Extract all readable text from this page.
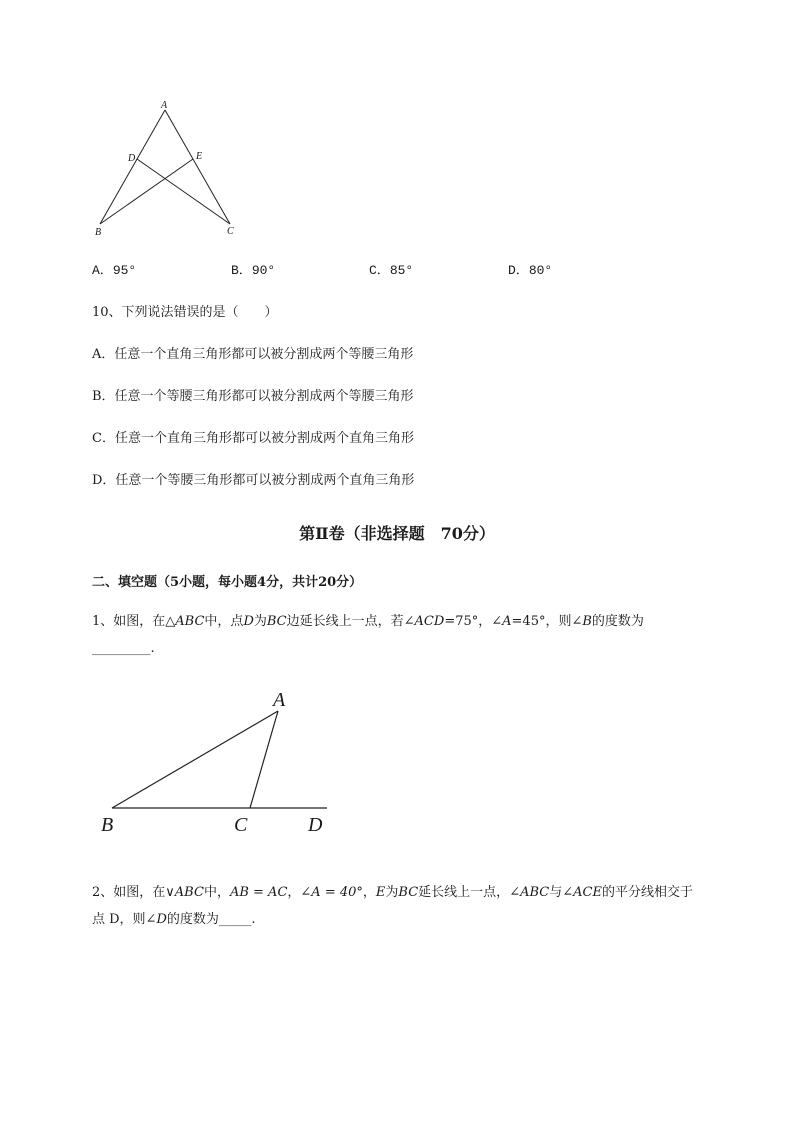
A
D	E
B	C
A．95°	B．90°	C．85°	D．80°
10、下列说法错误的是（　　）
A．任意一个直角三角形都可以被分割成两个等腰三角形
B．任意一个等腰三角形都可以被分割成两个等腰三角形
C．任意一个直角三角形都可以被分割成两个直角三角形
D．任意一个等腰三角形都可以被分割成两个直角三角形
第Ⅱ卷（非选择题　70分）
二、填空题（5小题，每小题4分，共计20分）
1、如图，在△ABC中，点D为BC边延长线上一点，若∠ACD=75°，∠A=45°，则∠B的度数为
_________.
A
B	C	D
2、如图，在∨ABC中，AB = AC，∠A = 40°，E为BC延长线上一点，∠ABC与∠ACE的平分线相交于
点 D，则∠D的度数为_____.
